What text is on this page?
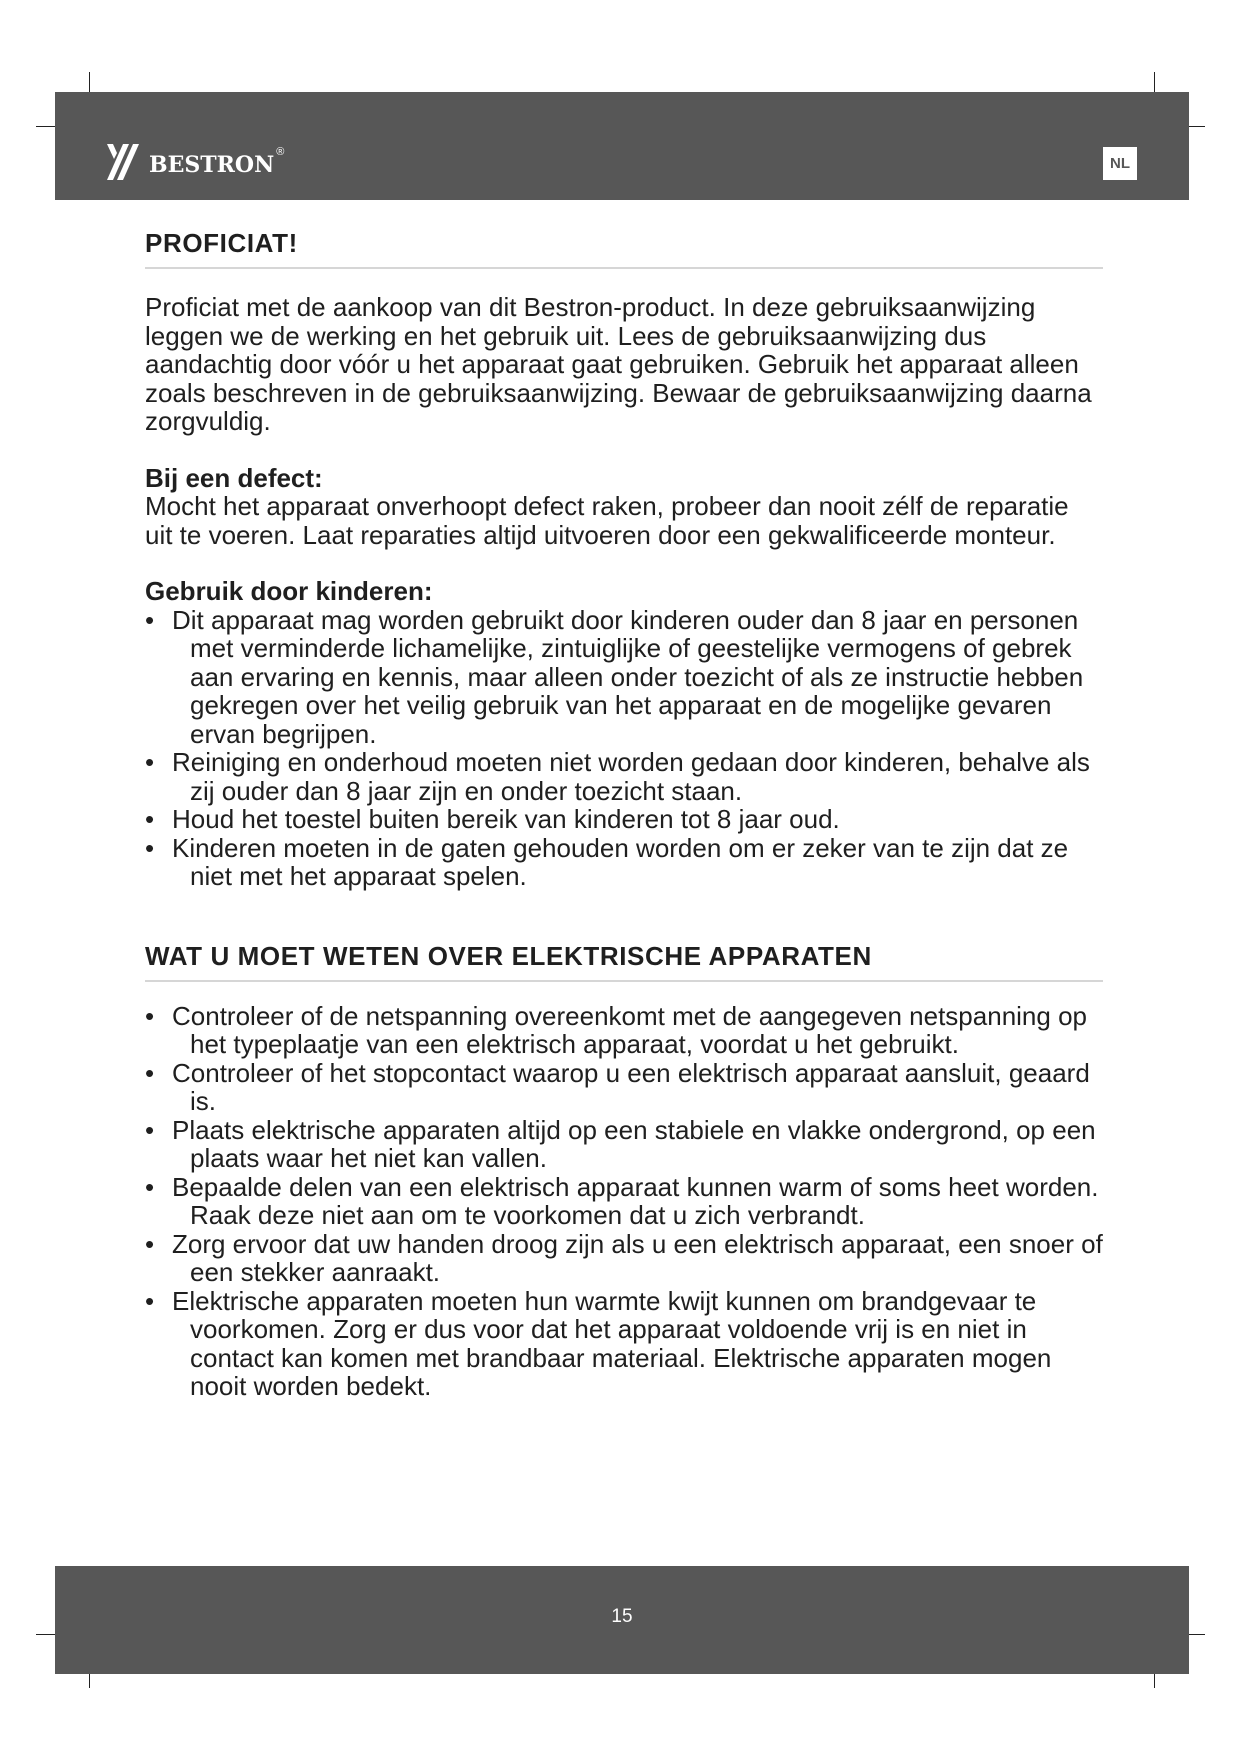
bestron ®
NL
PROFICIAT!

Proficiat met de aankoop van dit Bestron-product. In deze gebruiksaanwijzing leggen we de werking en het gebruik uit. Lees de gebruiksaanwijzing dus aandachtig door vóór u het apparaat gaat gebruiken. Gebruik het apparaat alleen zoals beschreven in de gebruiksaanwijzing. Bewaar de gebruiksaanwijzing daarna zorgvuldig.

Bij een defect:

Mocht het apparaat onverhoopt defect raken, probeer dan nooit zélf de reparatie uit te voeren. Laat reparaties altijd uitvoeren door een gekwalificeerde monteur.

Gebruik door kinderen:
• Dit apparaat mag worden gebruikt door kinderen ouder dan 8 jaar en personen met verminderde lichamelijke, zintuiglijke of geestelijke vermogens of gebrek aan ervaring en kennis, maar alleen onder toezicht of als ze instructie hebben gekregen over het veilig gebruik van het apparaat en de mogelijke gevaren ervan begrijpen.
• Reiniging en onderhoud moeten niet worden gedaan door kinderen, behalve als zij ouder dan 8 jaar zijn en onder toezicht staan.
• Houd het toestel buiten bereik van kinderen tot 8 jaar oud.
• Kinderen moeten in de gaten gehouden worden om er zeker van te zijn dat ze niet met het apparaat spelen.
WAT U MOET WETEN OVER ELEKTRISCHE APPARATEN
• Controleer of de netspanning overeenkomt met de aangegeven netspanning op het typeplaatje van een elektrisch apparaat, voordat u het gebruikt.
• Controleer of het stopcontact waarop u een elektrisch apparaat aansluit, geaard is.
• Plaats elektrische apparaten altijd op een stabiele en vlakke ondergrond, op een plaats waar het niet kan vallen.
• Bepaalde delen van een elektrisch apparaat kunnen warm of soms heet worden. Raak deze niet aan om te voorkomen dat u zich verbrandt.
• Zorg ervoor dat uw handen droog zijn als u een elektrisch apparaat, een snoer of een stekker aanraakt.
• Elektrische apparaten moeten hun warmte kwijt kunnen om brandgevaar te voorkomen. Zorg er dus voor dat het apparaat voldoende vrij is en niet in contact kan komen met brandbaar materiaal. Elektrische apparaten mogen nooit worden bedekt.
15
